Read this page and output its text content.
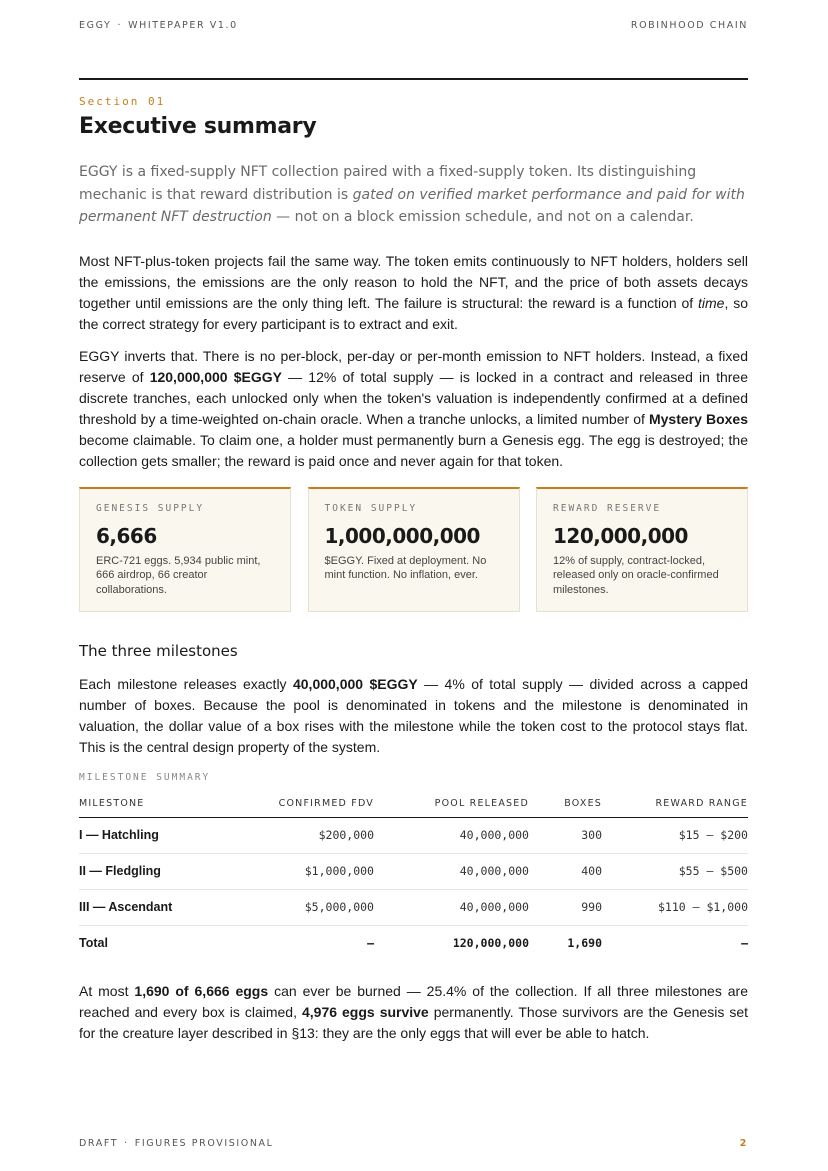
EGGY · WHITEPAPER V1.0	ROBINHOOD CHAIN
Section 01
Executive summary

EGGY is a fixed-supply NFT collection paired with a fixed-supply token. Its distinguishing mechanic is that reward distribution is gated on verified market performance and paid for with permanent NFT destruction — not on a block emission schedule, and not on a calendar.

Most NFT-plus-token projects fail the same way. The token emits continuously to NFT holders, holders sell the emissions, the emissions are the only reason to hold the NFT, and the price of both assets decays together until emissions are the only thing left. The failure is structural: the reward is a function of time, so the correct strategy for every participant is to extract and exit.

EGGY inverts that. There is no per-block, per-day or per-month emission to NFT holders. Instead, a fixed reserve of 120,000,000 $EGGY — 12% of total supply — is locked in a contract and released in three discrete tranches, each unlocked only when the token's valuation is independently confirmed at a defined threshold by a time-weighted on-chain oracle. When a tranche unlocks, a limited number of Mystery Boxes become claimable. To claim one, a holder must permanently burn a Genesis egg. The egg is destroyed; the collection gets smaller; the reward is paid once and never again for that token.

GENESIS SUPPLY
6,666
ERC-721 eggs. 5,934 public mint, 666 airdrop, 66 creator collaborations.
TOKEN SUPPLY
1,000,000,000
$EGGY. Fixed at deployment. No mint function. No inflation, ever.
REWARD RESERVE
120,000,000
12% of supply, contract-locked, released only on oracle-confirmed milestones.
The three milestones

Each milestone releases exactly 40,000,000 $EGGY — 4% of total supply — divided across a capped number of boxes. Because the pool is denominated in tokens and the milestone is denominated in valuation, the dollar value of a box rises with the milestone while the token cost to the protocol stays flat. This is the central design property of the system.

MILESTONE SUMMARY
MILESTONE	CONFIRMED FDV	POOL RELEASED	BOXES	REWARD RANGE
I — Hatchling	$200,000	40,000,000	300	$15 – $200
II — Fledgling	$1,000,000	40,000,000	400	$55 – $500
III — Ascendant	$5,000,000	40,000,000	990	$110 – $1,000
Total	—	120,000,000	1,690	—

At most 1,690 of 6,666 eggs can ever be burned — 25.4% of the collection. If all three milestones are reached and every box is claimed, 4,976 eggs survive permanently. Those survivors are the Genesis set for the creature layer described in §13: they are the only eggs that will ever be able to hatch.

DRAFT · FIGURES PROVISIONAL	2
